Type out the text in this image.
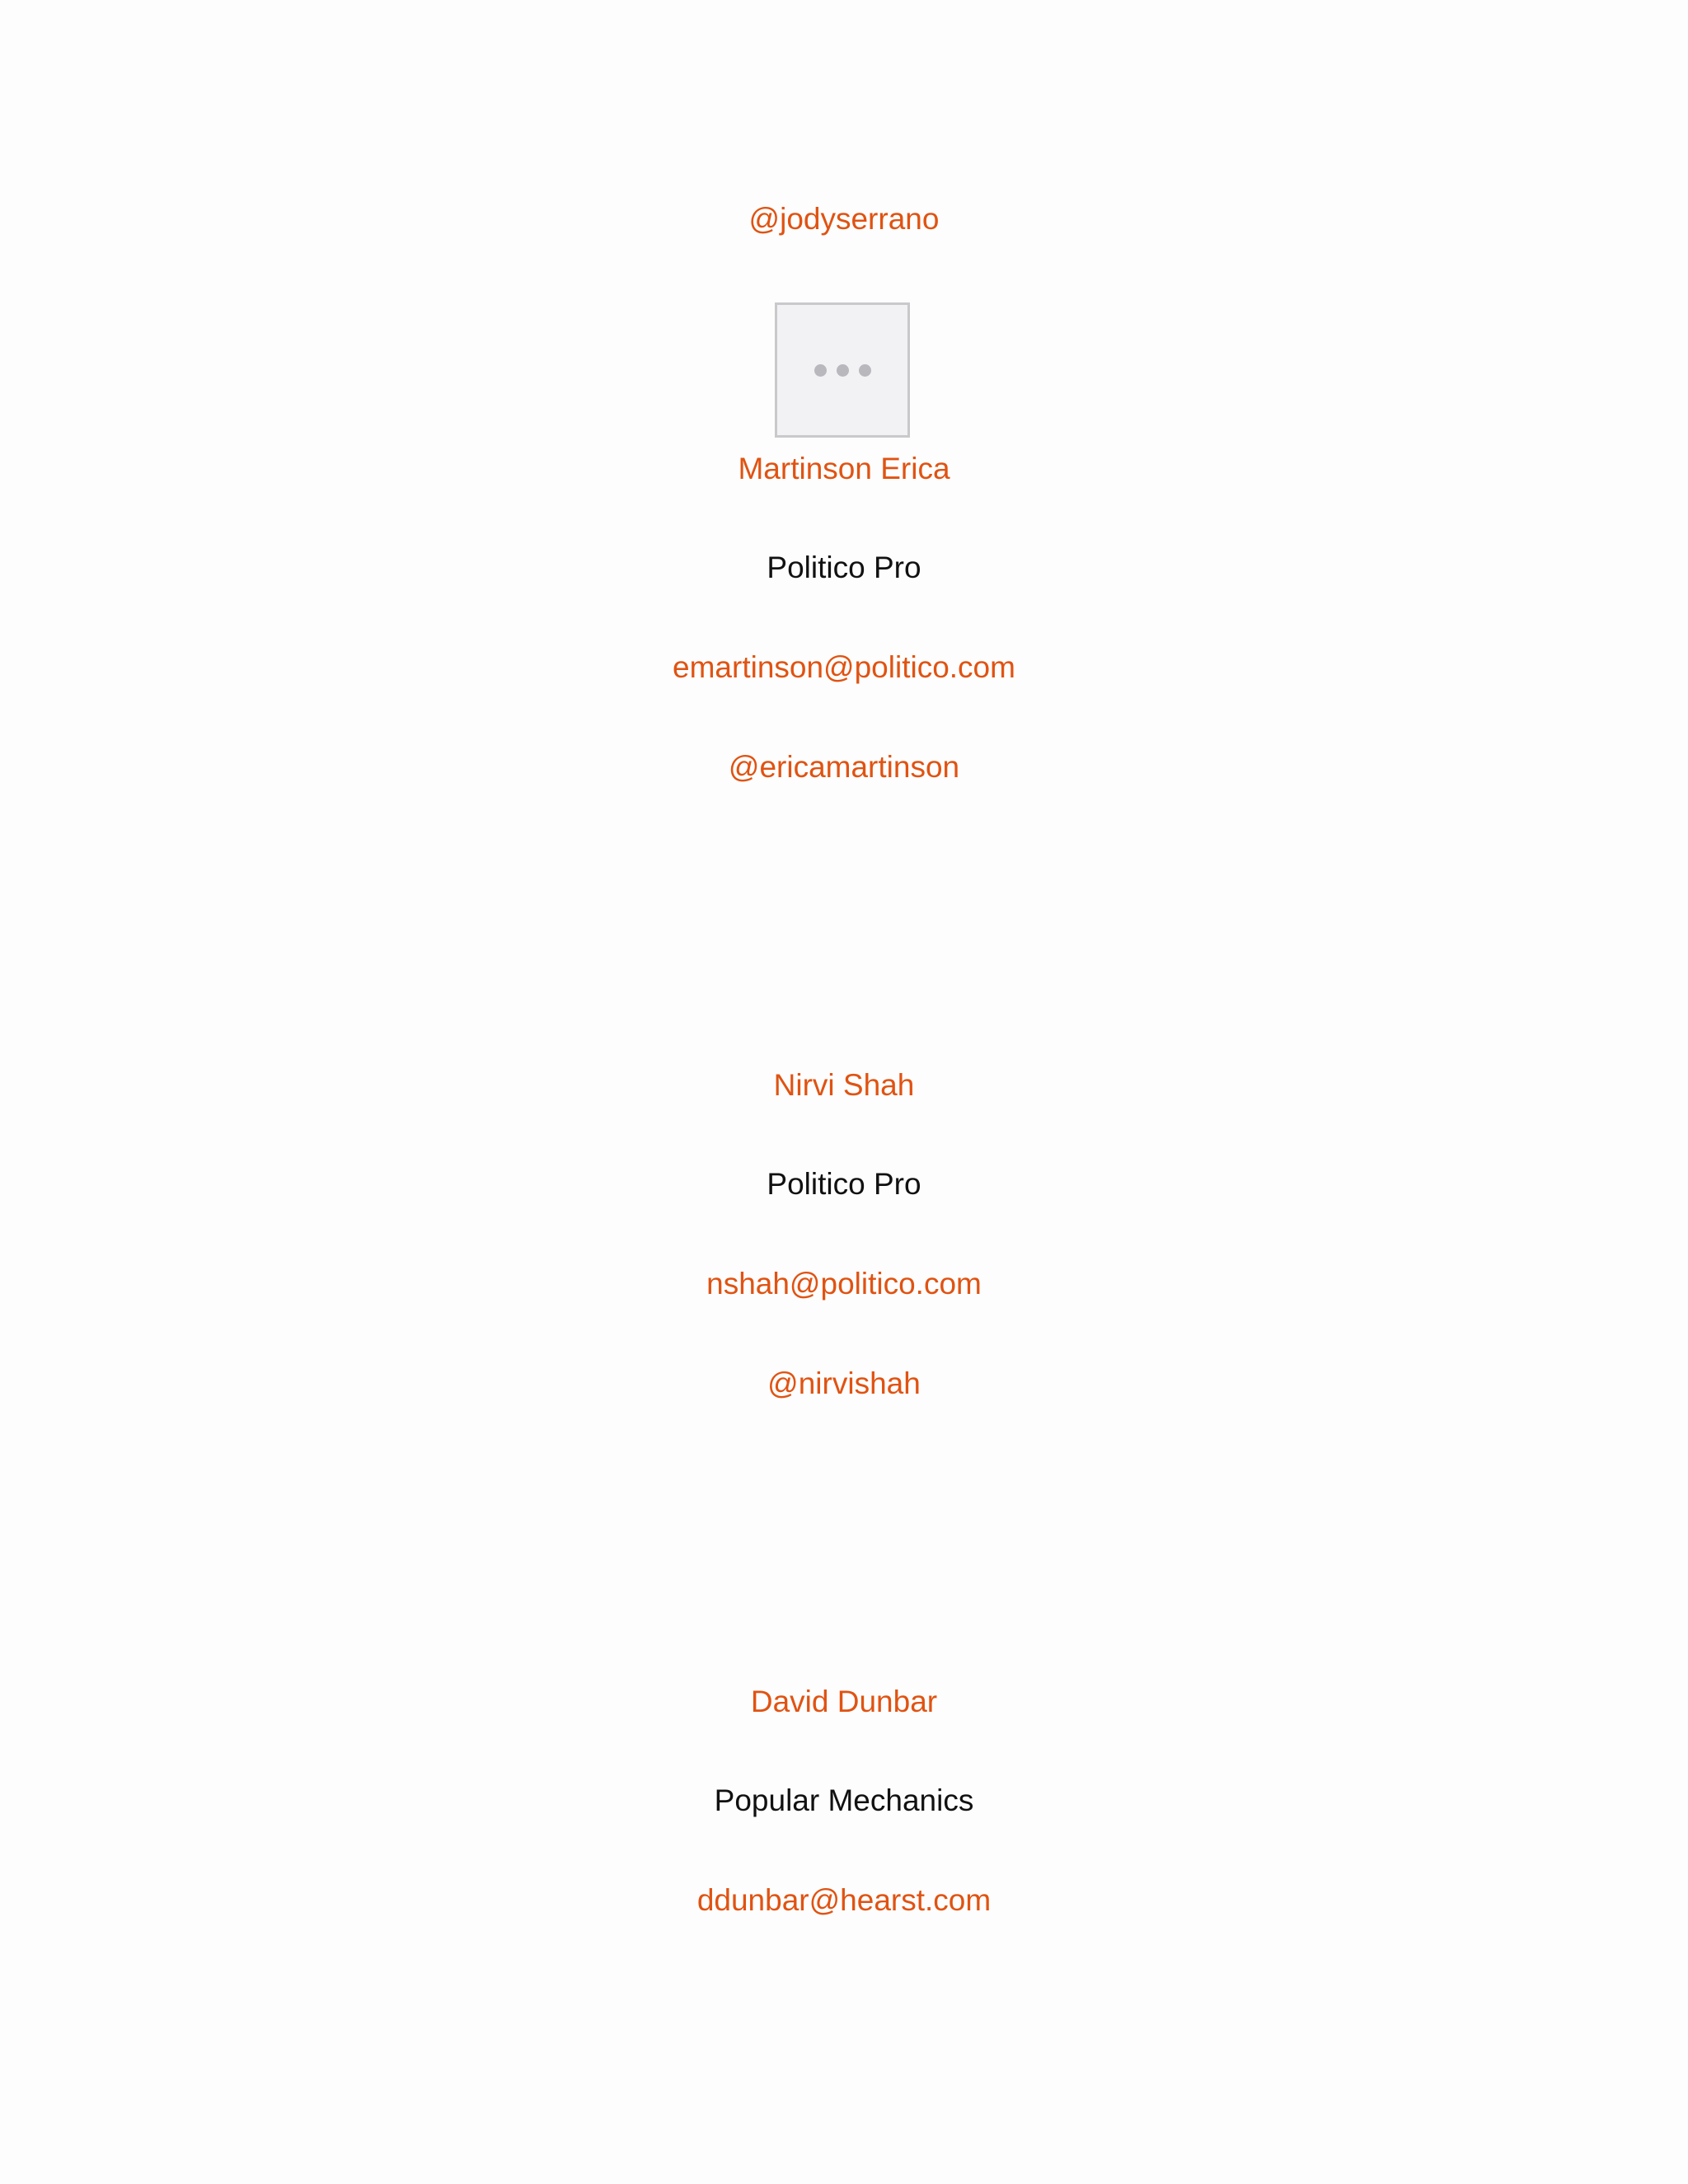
@jodyserrano
Martinson Erica
Politico Pro
emartinson@politico.com
@ericamartinson
Nirvi Shah
Politico Pro
nshah@politico.com
@nirvishah
David Dunbar
Popular Mechanics
ddunbar@hearst.com
